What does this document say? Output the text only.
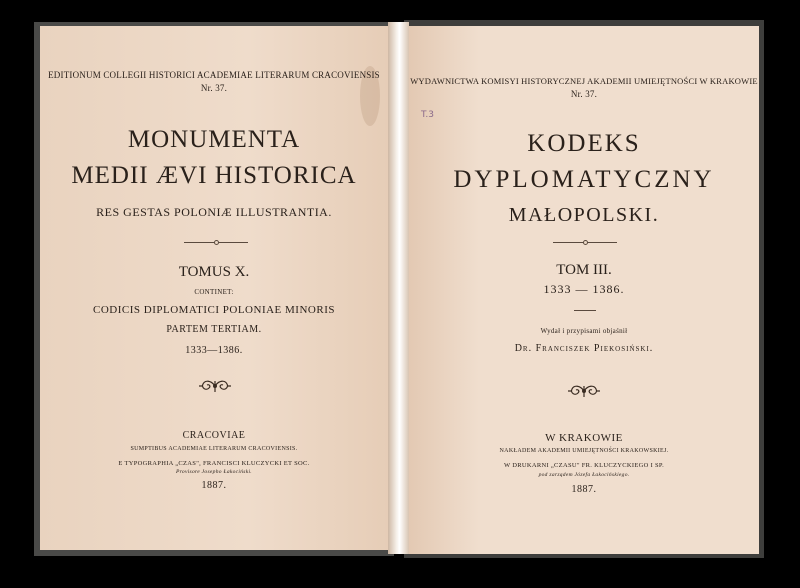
EDITIONUM COLLEGII HISTORICI ACADEMIAE LITERARUM CRACOVIENSIS
Nr. 37.
MONUMENTA
MEDII ÆVI HISTORICA
RES GESTAS POLONIÆ ILLUSTRANTIA.
TOMUS X.
CONTINET:
CODICIS DIPLOMATICI POLONIAE MINORIS
PARTEM TERTIAM.
1333—1386.
CRACOVIAE
SUMPTIBUS ACADEMIAE LITERARUM CRACOVIENSIS.
E TYPOGRAPHIA „CZAS", FRANCISCI KLUCZYCKI ET SOC.
Provisore Josepho Łakociński.
1887.
WYDAWNICTWA KOMISYI HISTORYCZNEJ AKADEMII UMIEJĘTNOŚCI W KRAKOWIE
Nr. 37.
T.3
KODEKS
DYPLOMATYCZNY
MAŁOPOLSKI.
TOM III.
1333 — 1386.
Wydał i przypisami objaśnił
Dr. Franciszek Piekosiński.
W KRAKOWIE
NAKŁADEM AKADEMII UMIEJĘTNOŚCI KRAKOWSKIEJ.
W DRUKARNI „CZASU" FR. KLUCZYCKIEGO I SP.
pod zarządem Józefa Łakocińskiego.
1887.
